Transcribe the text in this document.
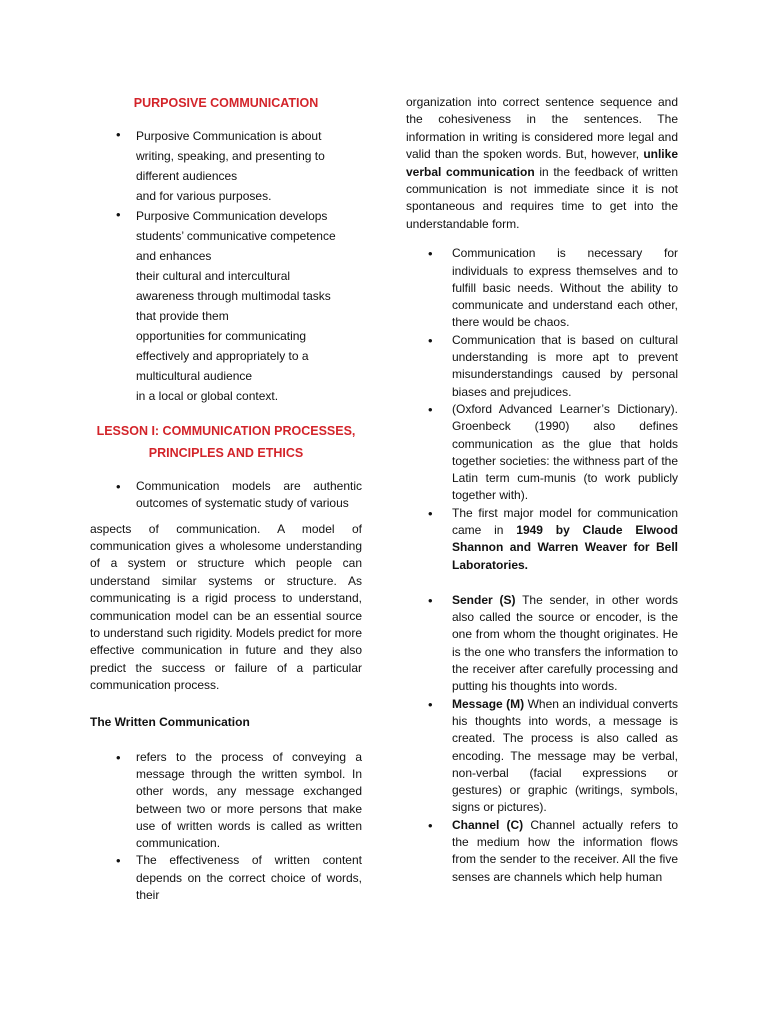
PURPOSIVE COMMUNICATION
• Purposive Communication is about
writing, speaking, and presenting to
different audiences
and for various purposes.
• Purposive Communication develops
students’ communicative competence
and enhances
their cultural and intercultural
awareness through multimodal tasks
that provide them
opportunities for communicating
effectively and appropriately to a
multicultural audience
in a local or global context.
LESSON I: COMMUNICATION PROCESSES,
PRINCIPLES AND ETHICS
• Communication models are authentic outcomes of systematic study of various

aspects of communication. A model of communication gives a wholesome understanding of a system or structure which people can understand similar systems or structure. As communicating is a rigid process to understand, communication model can be an essential source to understand such rigidity. Models predict for more effective communication in future and they also predict the success or failure of a particular communication process.

The Written Communication
• refers to the process of conveying a message through the written symbol. In other words, any message exchanged between two or more persons that make use of written words is called as written communication.
• The effectiveness of written content depends on the correct choice of words, their

organization into correct sentence sequence and the cohesiveness in the sentences. The information in writing is considered more legal and valid than the spoken words. But, however, unlike verbal communication in the feedback of written communication is not immediate since it is not spontaneous and requires time to get into the understandable form.

• Communication is necessary for individuals to express themselves and to fulfill basic needs. Without the ability to communicate and understand each other, there would be chaos.
• Communication that is based on cultural understanding is more apt to prevent misunderstandings caused by personal biases and prejudices.
• (Oxford Advanced Learner’s Dictionary). Groenbeck (1990) also defines communication as the glue that holds together societies: the withness part of the Latin term cum-munis (to work publicly together with).
• The first major model for communication came in 1949 by Claude Elwood Shannon and Warren Weaver for Bell Laboratories.
• Sender (S) The sender, in other words also called the source or encoder, is the one from whom the thought originates. He is the one who transfers the information to the receiver after carefully processing and putting his thoughts into words.
• Message (M) When an individual converts his thoughts into words, a message is created. The process is also called as encoding. The message may be verbal, non-verbal (facial expressions or gestures) or graphic (writings, symbols, signs or pictures).
• Channel (C) Channel actually refers to the medium how the information flows from the sender to the receiver. All the five senses are channels which help human
